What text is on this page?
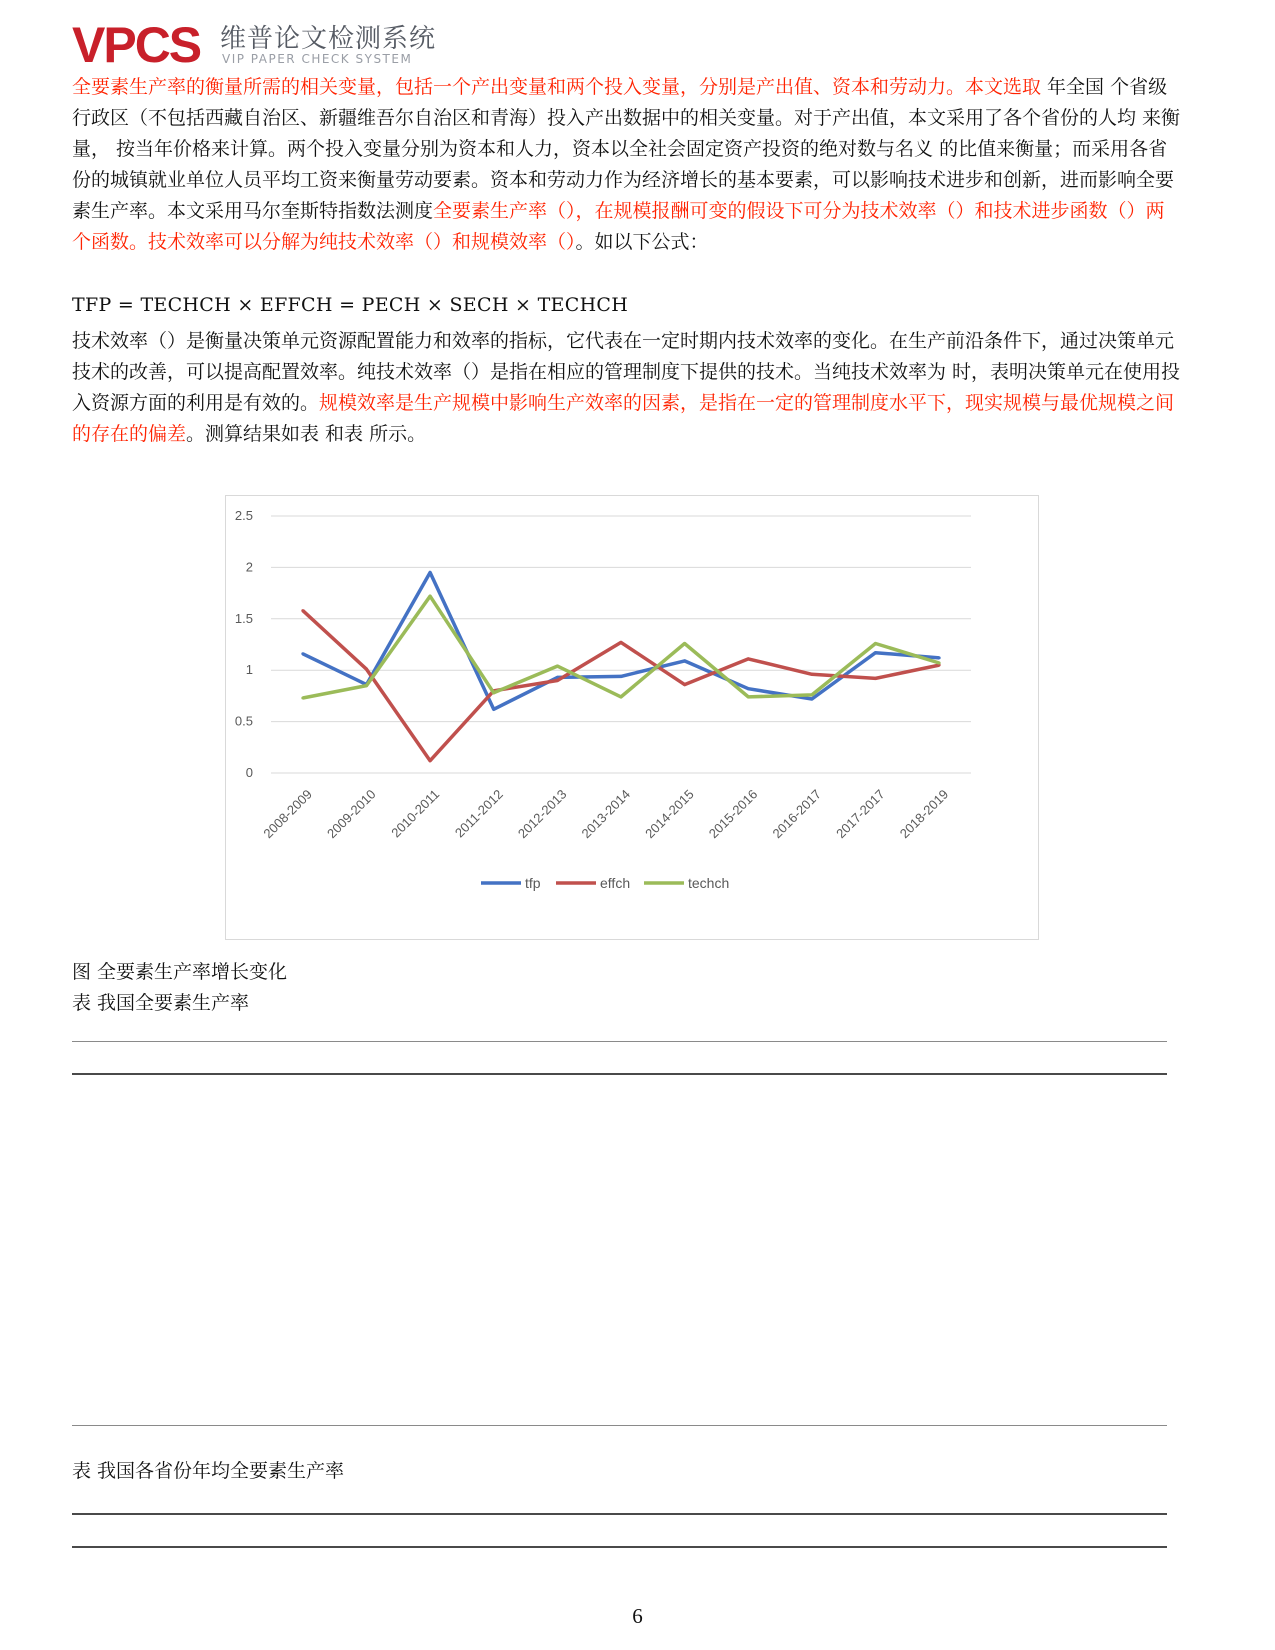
VPCS 维普论文检测系统
VIP PAPER CHECK SYSTEM

全要素生产率的衡量所需的相关变量，包括一个产出变量和两个投入变量，分别是产出值、资本和劳动力。本文选取 年全国 个省级行政区（不包括西藏自治区、新疆维吾尔自治区和青海）投入产出数据中的相关变量。对于产出值，本文采用了各个省份的人均 来衡量， 按当年价格来计算。两个投入变量分别为资本和人力，资本以全社会固定资产投资的绝对数与名义 的比值来衡量；而采用各省份的城镇就业单位人员平均工资来衡量劳动要素。资本和劳动力作为经济增长的基本要素，可以影响技术进步和创新，进而影响全要素生产率。本文采用马尔奎斯特指数法测度全要素生产率（），在规模报酬可变的假设下可分为技术效率（）和技术进步函数（）两个函数。技术效率可以分解为纯技术效率（）和规模效率（）。如以下公式：

TFP = TECHCH × EFFCH = PECH × SECH × TECHCH

技术效率（）是衡量决策单元资源配置能力和效率的指标，它代表在一定时期内技术效率的变化。在生产前沿条件下，通过决策单元技术的改善，可以提高配置效率。纯技术效率（）是指在相应的管理制度下提供的技术。当纯技术效率为 时，表明决策单元在使用投入资源方面的利用是有效的。规模效率是生产规模中影响生产效率的因素，是指在一定的管理制度水平下，现实规模与最优规模之间的存在的偏差。测算结果如表 和表 所示。

0
0.5
1
1.5
2
2.5
2008-2009 2009-2010 2010-2011 2011-2012 2012-2013 2013-2014 2014-2015 2015-2016 2016-2017 2017-2017 2018-2019
tfp	effch	techch
图 全要素生产率增长变化
表 我国全要素生产率
表 我国各省份年均全要素生产率
6
